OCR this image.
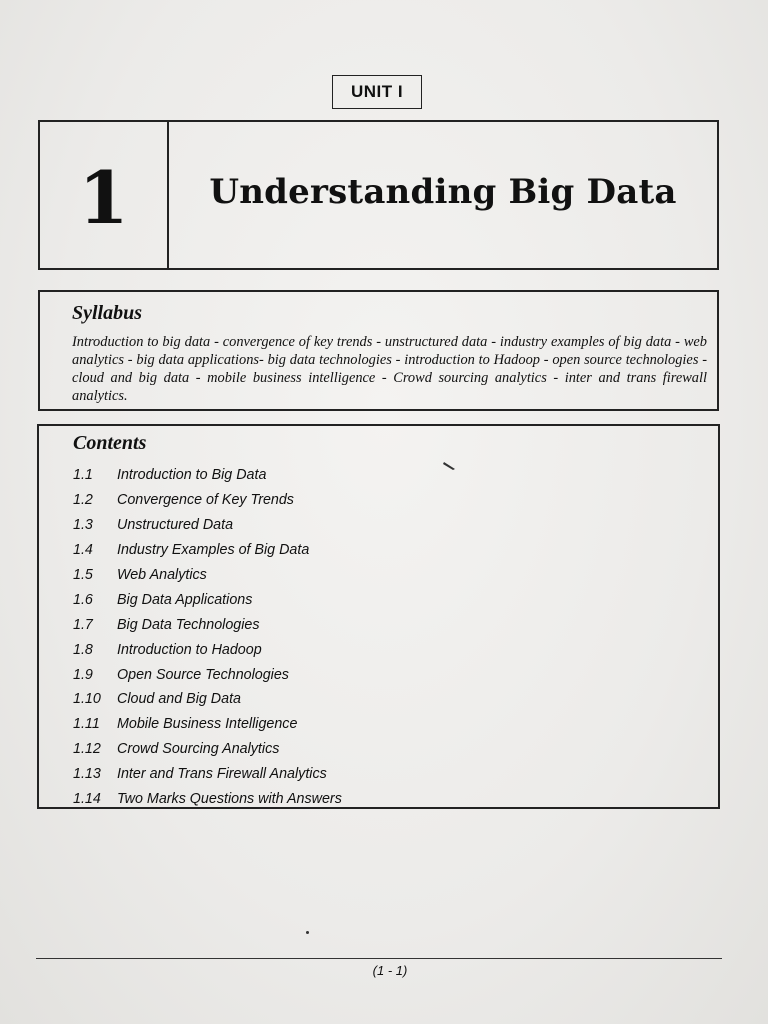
UNIT I
1	Understanding Big Data

Syllabus

Introduction to big data - convergence of key trends - unstructured data - industry examples of big data - web analytics - big data applications- big data technologies - introduction to Hadoop - open source technologies - cloud and big data - mobile business intelligence - Crowd sourcing analytics - inter and trans firewall analytics.

Contents

1.1	Introduction to Big Data
1.2	Convergence of Key Trends
1.3	Unstructured Data
1.4	Industry Examples of Big Data
1.5	Web Analytics
1.6	Big Data Applications
1.7	Big Data Technologies
1.8	Introduction to Hadoop
1.9	Open Source Technologies
1.10	Cloud and Big Data
1.11	Mobile Business Intelligence
1.12	Crowd Sourcing Analytics
1.13	Inter and Trans Firewall Analytics
1.14	Two Marks Questions with Answers
(1 - 1)
